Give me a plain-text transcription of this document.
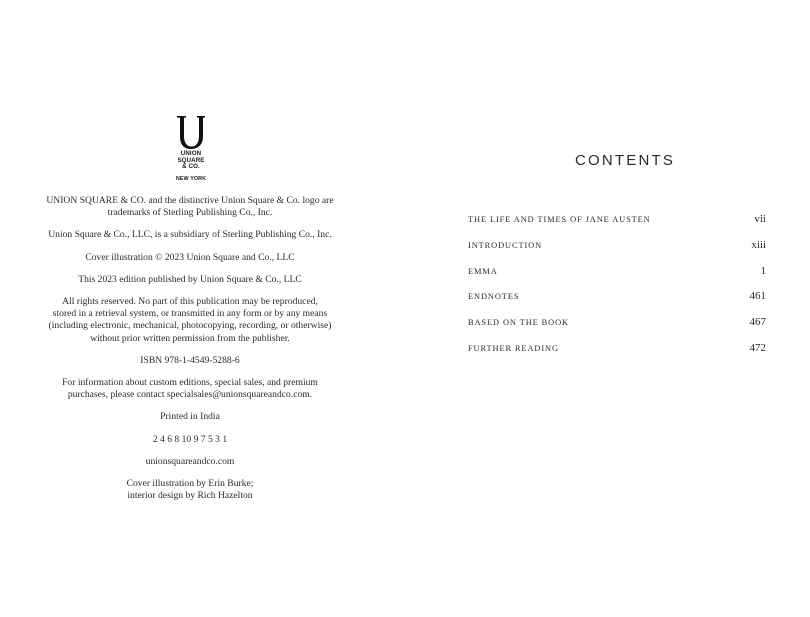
UNION
SQUARE
& CO.
NEW YORK

UNION SQUARE & CO. and the distinctive Union Square & Co. logo are
trademarks of Sterling Publishing Co., Inc.

Union Square & Co., LLC, is a subsidiary of Sterling Publishing Co., Inc.

Cover illustration © 2023 Union Square and Co., LLC

This 2023 edition published by Union Square & Co., LLC

All rights reserved. No part of this publication may be reproduced,
stored in a retrieval system, or transmitted in any form or by any means
(including electronic, mechanical, photocopying, recording, or otherwise)
without prior written permission from the publisher.

ISBN 978-1-4549-5288-6

For information about custom editions, special sales, and premium
purchases, please contact specialsales@unionsquareandco.com.

Printed in India

2 4 6 8 10 9 7 5 3 1

unionsquareandco.com

Cover illustration by Erin Burke;
interior design by Rich Hazelton

CONTENTS
THE LIFE AND TIMES OF JANE AUSTEN	vii
INTRODUCTION	xiii
EMMA	1
ENDNOTES	461
BASED ON THE BOOK	467
FURTHER READING	472
